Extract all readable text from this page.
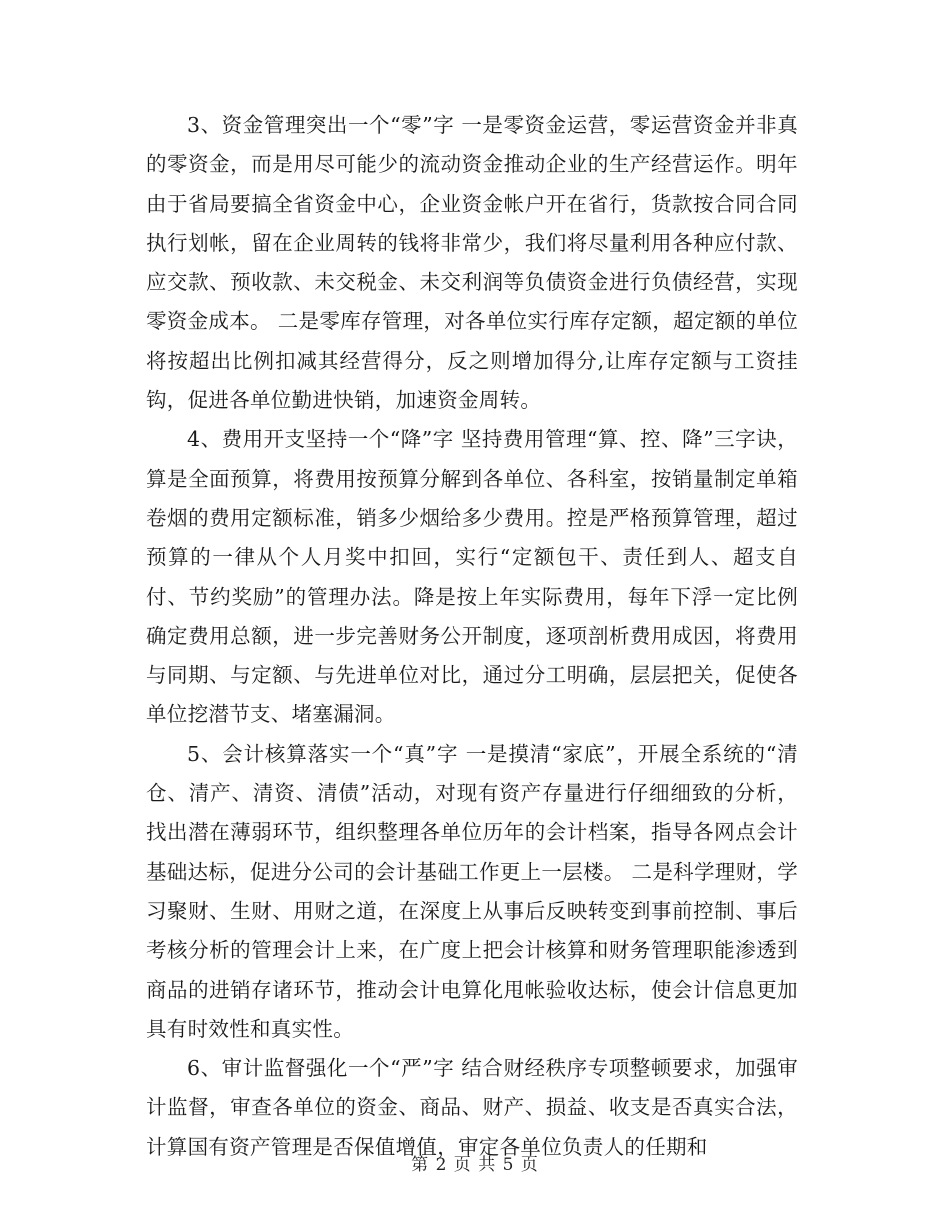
3、资金管理突出一个“零”字 一是零资金运营，零运营资金并非真的零资金，而是用尽可能少的流动资金推动企业的生产经营运作。明年由于省局要搞全省资金中心，企业资金帐户开在省行，货款按合同合同执行划帐，留在企业周转的钱将非常少，我们将尽量利用各种应付款、应交款、预收款、未交税金、未交利润等负债资金进行负债经营，实现零资金成本。 二是零库存管理，对各单位实行库存定额，超定额的单位将按超出比例扣减其经营得分，反之则增加得分,让库存定额与工资挂钩，促进各单位勤进快销，加速资金周转。

4、费用开支坚持一个“降”字 坚持费用管理“算、控、降”三字诀，算是全面预算，将费用按预算分解到各单位、各科室，按销量制定单箱卷烟的费用定额标准，销多少烟给多少费用。控是严格预算管理，超过预算的一律从个人月奖中扣回，实行“定额包干、责任到人、超支自付、节约奖励”的管理办法。降是按上年实际费用，每年下浮一定比例确定费用总额，进一步完善财务公开制度，逐项剖析费用成因，将费用与同期、与定额、与先进单位对比，通过分工明确，层层把关，促使各单位挖潜节支、堵塞漏洞。

5、会计核算落实一个“真”字 一是摸清“家底”，开展全系统的“清仓、清产、清资、清债”活动，对现有资产存量进行仔细细致的分析，找出潜在薄弱环节，组织整理各单位历年的会计档案，指导各网点会计基础达标，促进分公司的会计基础工作更上一层楼。 二是科学理财，学习聚财、生财、用财之道，在深度上从事后反映转变到事前控制、事后考核分析的管理会计上来，在广度上把会计核算和财务管理职能渗透到商品的进销存诸环节，推动会计电算化甩帐验收达标，使会计信息更加具有时效性和真实性。

6、审计监督强化一个“严”字 结合财经秩序专项整顿要求，加强审计监督，审查各单位的资金、商品、财产、损益、收支是否真实合法，计算国有资产管理是否保值增值，审定各单位负责人的任期和

第 2 页 共 5 页
